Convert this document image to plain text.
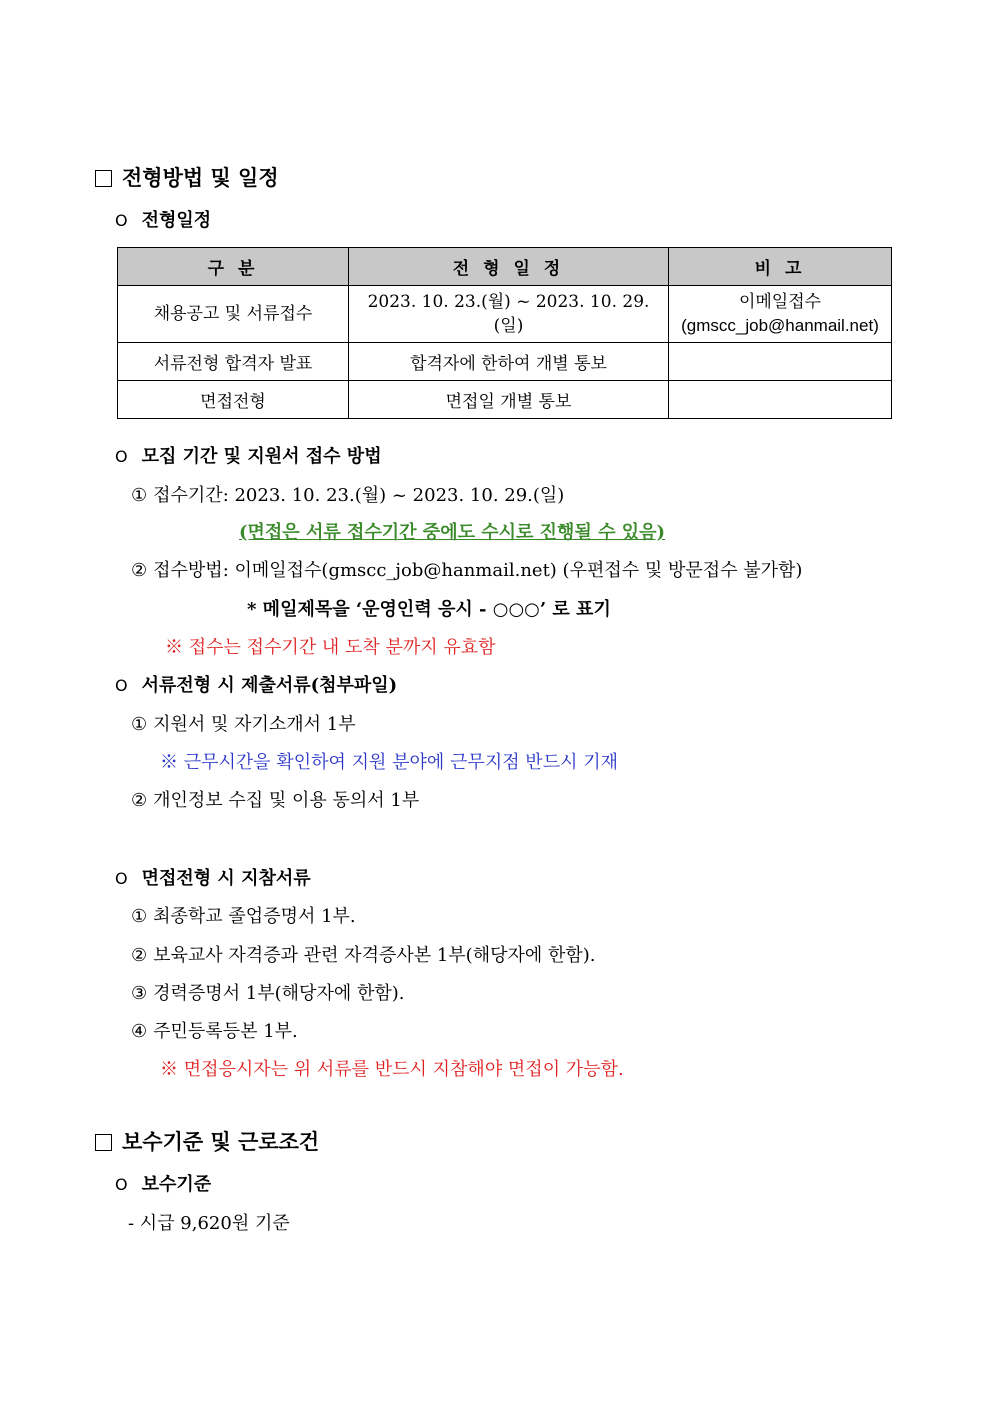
전형방법 및 일정
O 전형일정
구 분	전 형 일 정	비 고
채용공고 및 서류접수	2023. 10. 23.(월) ~ 2023. 10. 29.(일)	이메일접수
(gmscc_job@hanmail.net)

서류전형 합격자 발표	합격자에 한하여 개별 통보	
면접전형	면접일 개별 통보	
O 모집 기간 및 지원서 접수 방법
① 접수기간: 2023. 10. 23.(월) ~ 2023. 10. 29.(일)
(면접은 서류 접수기간 중에도 수시로 진행될 수 있음)
② 접수방법: 이메일접수(gmscc_job@hanmail.net) (우편접수 및 방문접수 불가함)
* 메일제목을 ‘운영인력 응시 - ○○○’ 로 표기
※ 접수는 접수기간 내 도착 분까지 유효함
O 서류전형 시 제출서류(첨부파일)
① 지원서 및 자기소개서 1부
※ 근무시간을 확인하여 지원 분야에 근무지점 반드시 기재
② 개인정보 수집 및 이용 동의서 1부
O 면접전형 시 지참서류
① 최종학교 졸업증명서 1부.
② 보육교사 자격증과 관련 자격증사본 1부(해당자에 한함).
③ 경력증명서 1부(해당자에 한함).
④ 주민등록등본 1부.
※ 면접응시자는 위 서류를 반드시 지참해야 면접이 가능함.
보수기준 및 근로조건
O 보수기준
- 시급 9,620원 기준
